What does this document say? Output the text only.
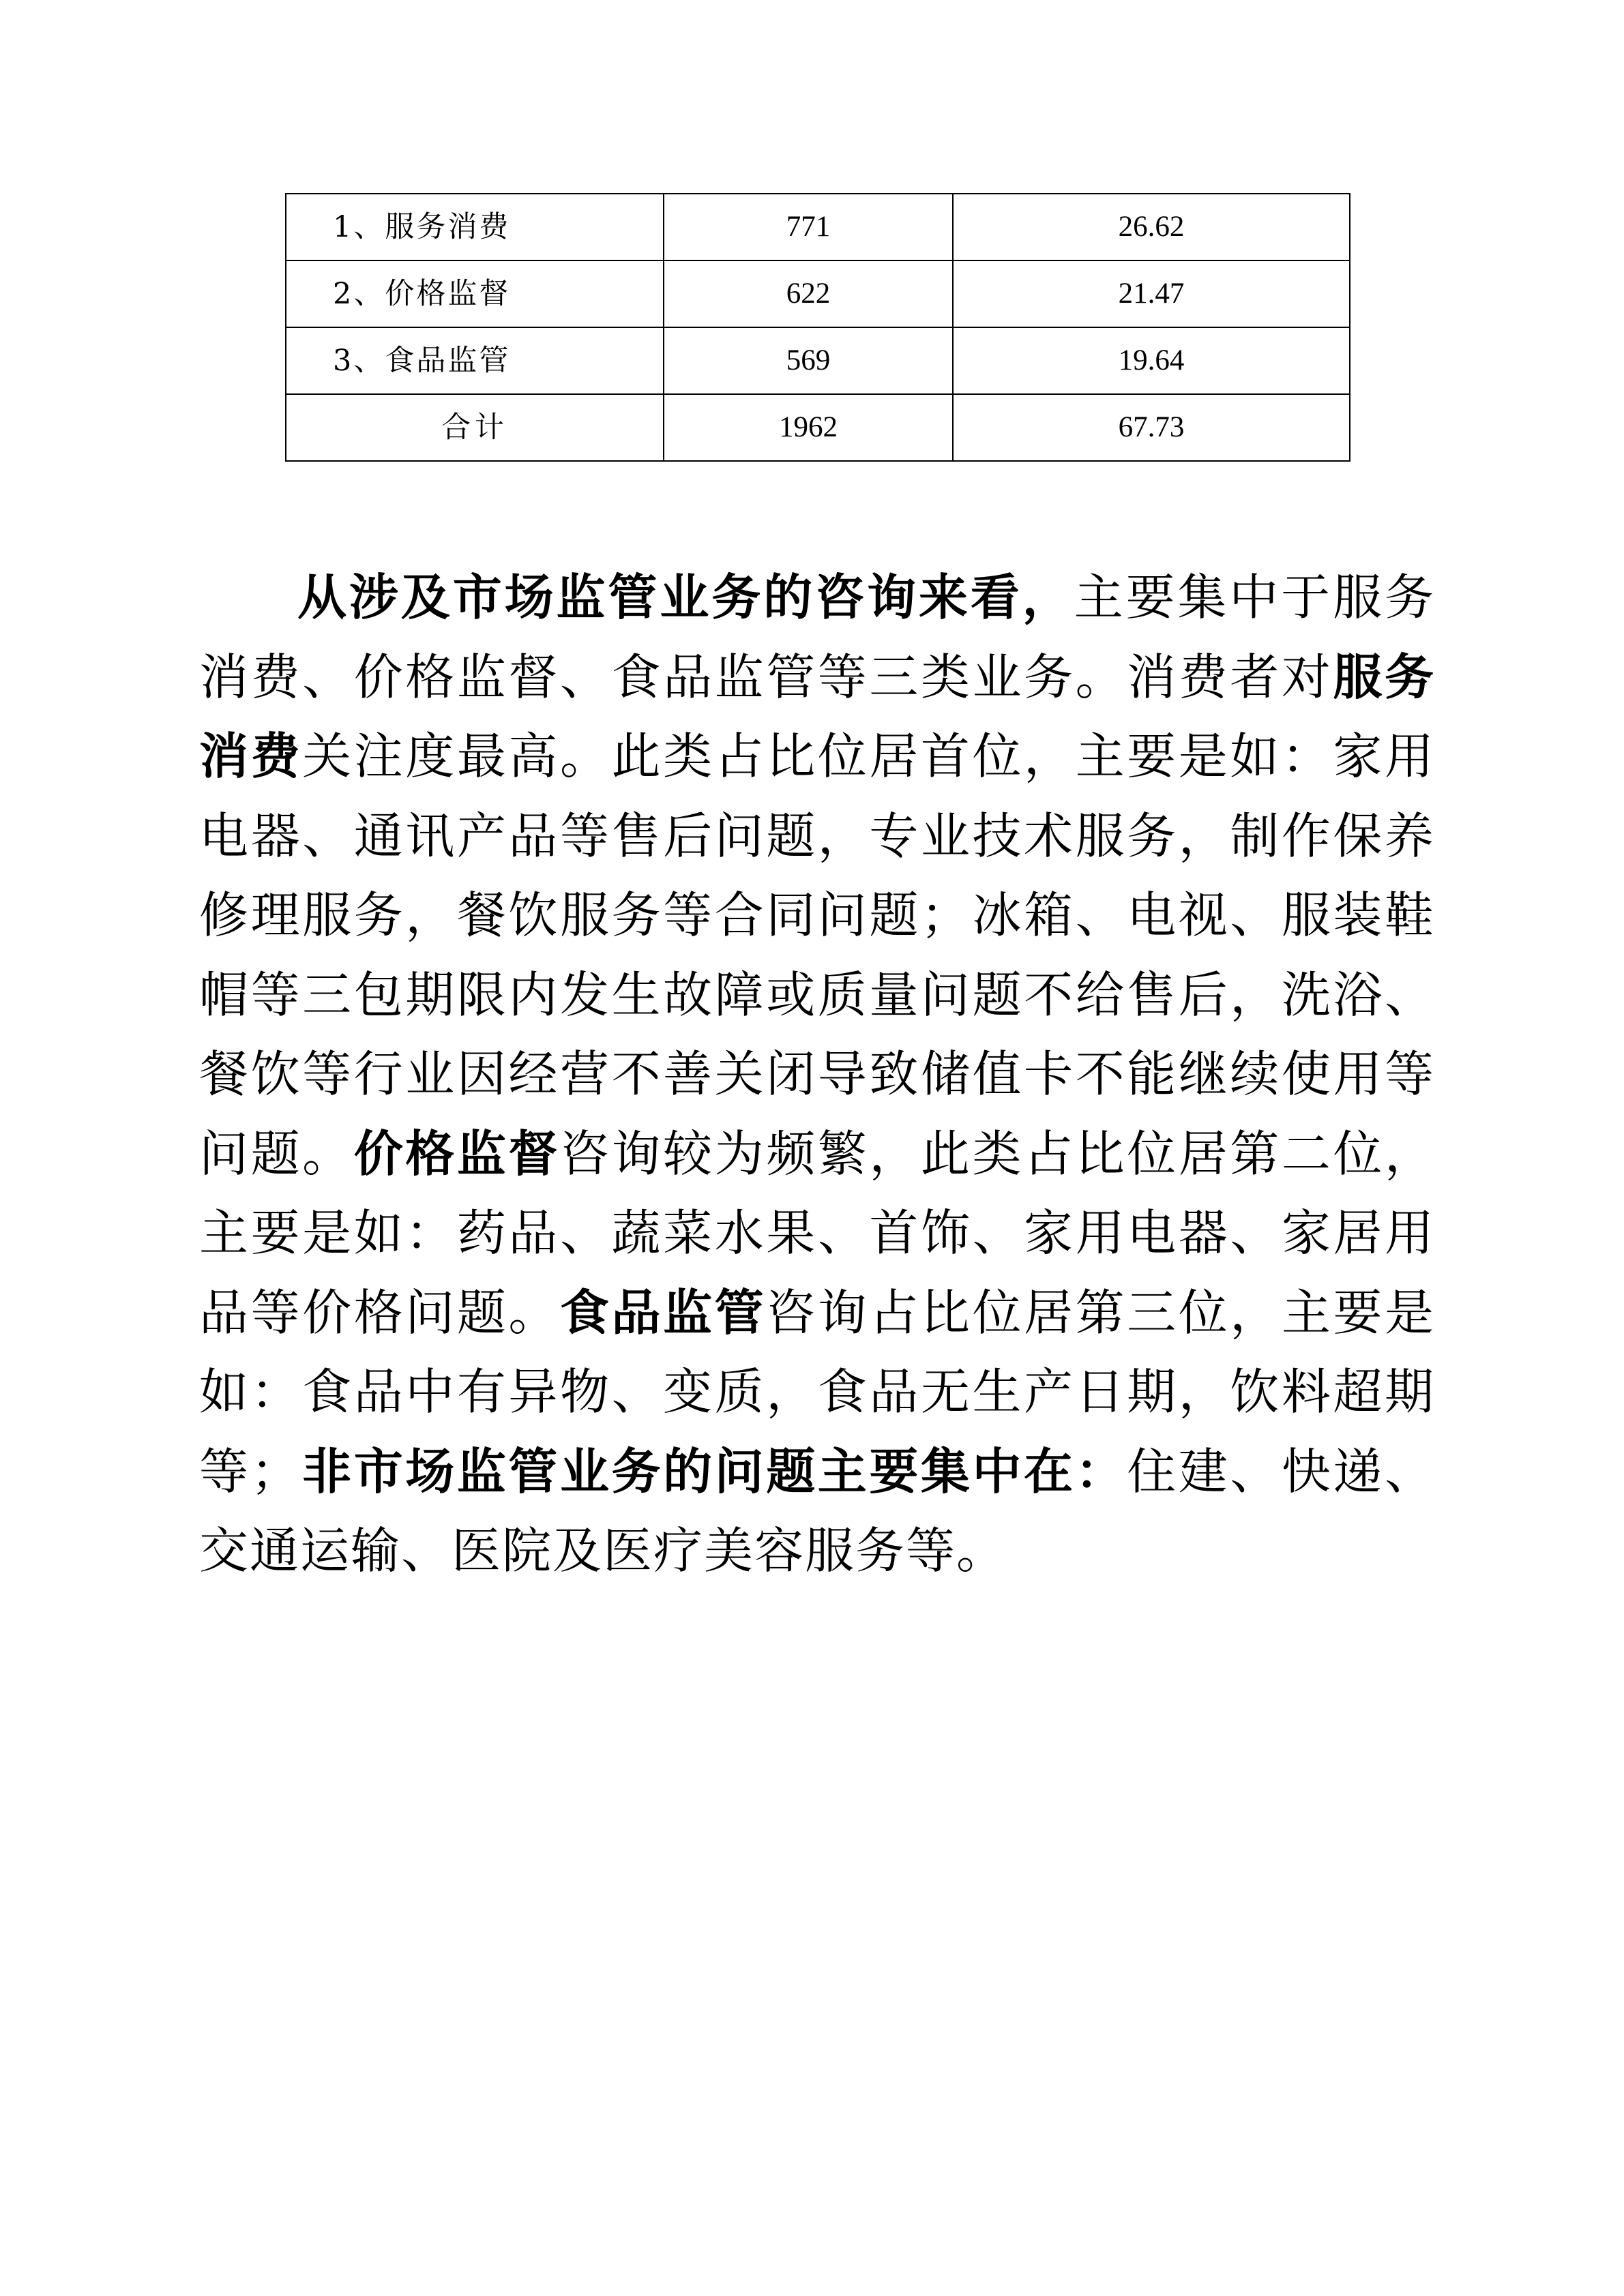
1、服务消费	771	26.62
2、价格监督	622	21.47
3、食品监管	569	19.64
合计	1962	67.73

从涉及市场监管业务的咨询来看，主要集中于服务消费、价格监督、食品监管等三类业务。消费者对服务消费关注度最高。此类占比位居首位，主要是如：家用电器、通讯产品等售后问题，专业技术服务，制作保养修理服务，餐饮服务等合同问题；冰箱、电视、服装鞋帽等三包期限内发生故障或质量问题不给售后，洗浴、餐饮等行业因经营不善关闭导致储值卡不能继续使用等问题。价格监督咨询较为频繁，此类占比位居第二位，主要是如：药品、蔬菜水果、首饰、家用电器、家居用品等价格问题。食品监管咨询占比位居第三位，主要是如：食品中有异物、变质，食品无生产日期，饮料超期等；非市场监管业务的问题主要集中在：住建、快递、交通运输、医院及医疗美容服务等。
